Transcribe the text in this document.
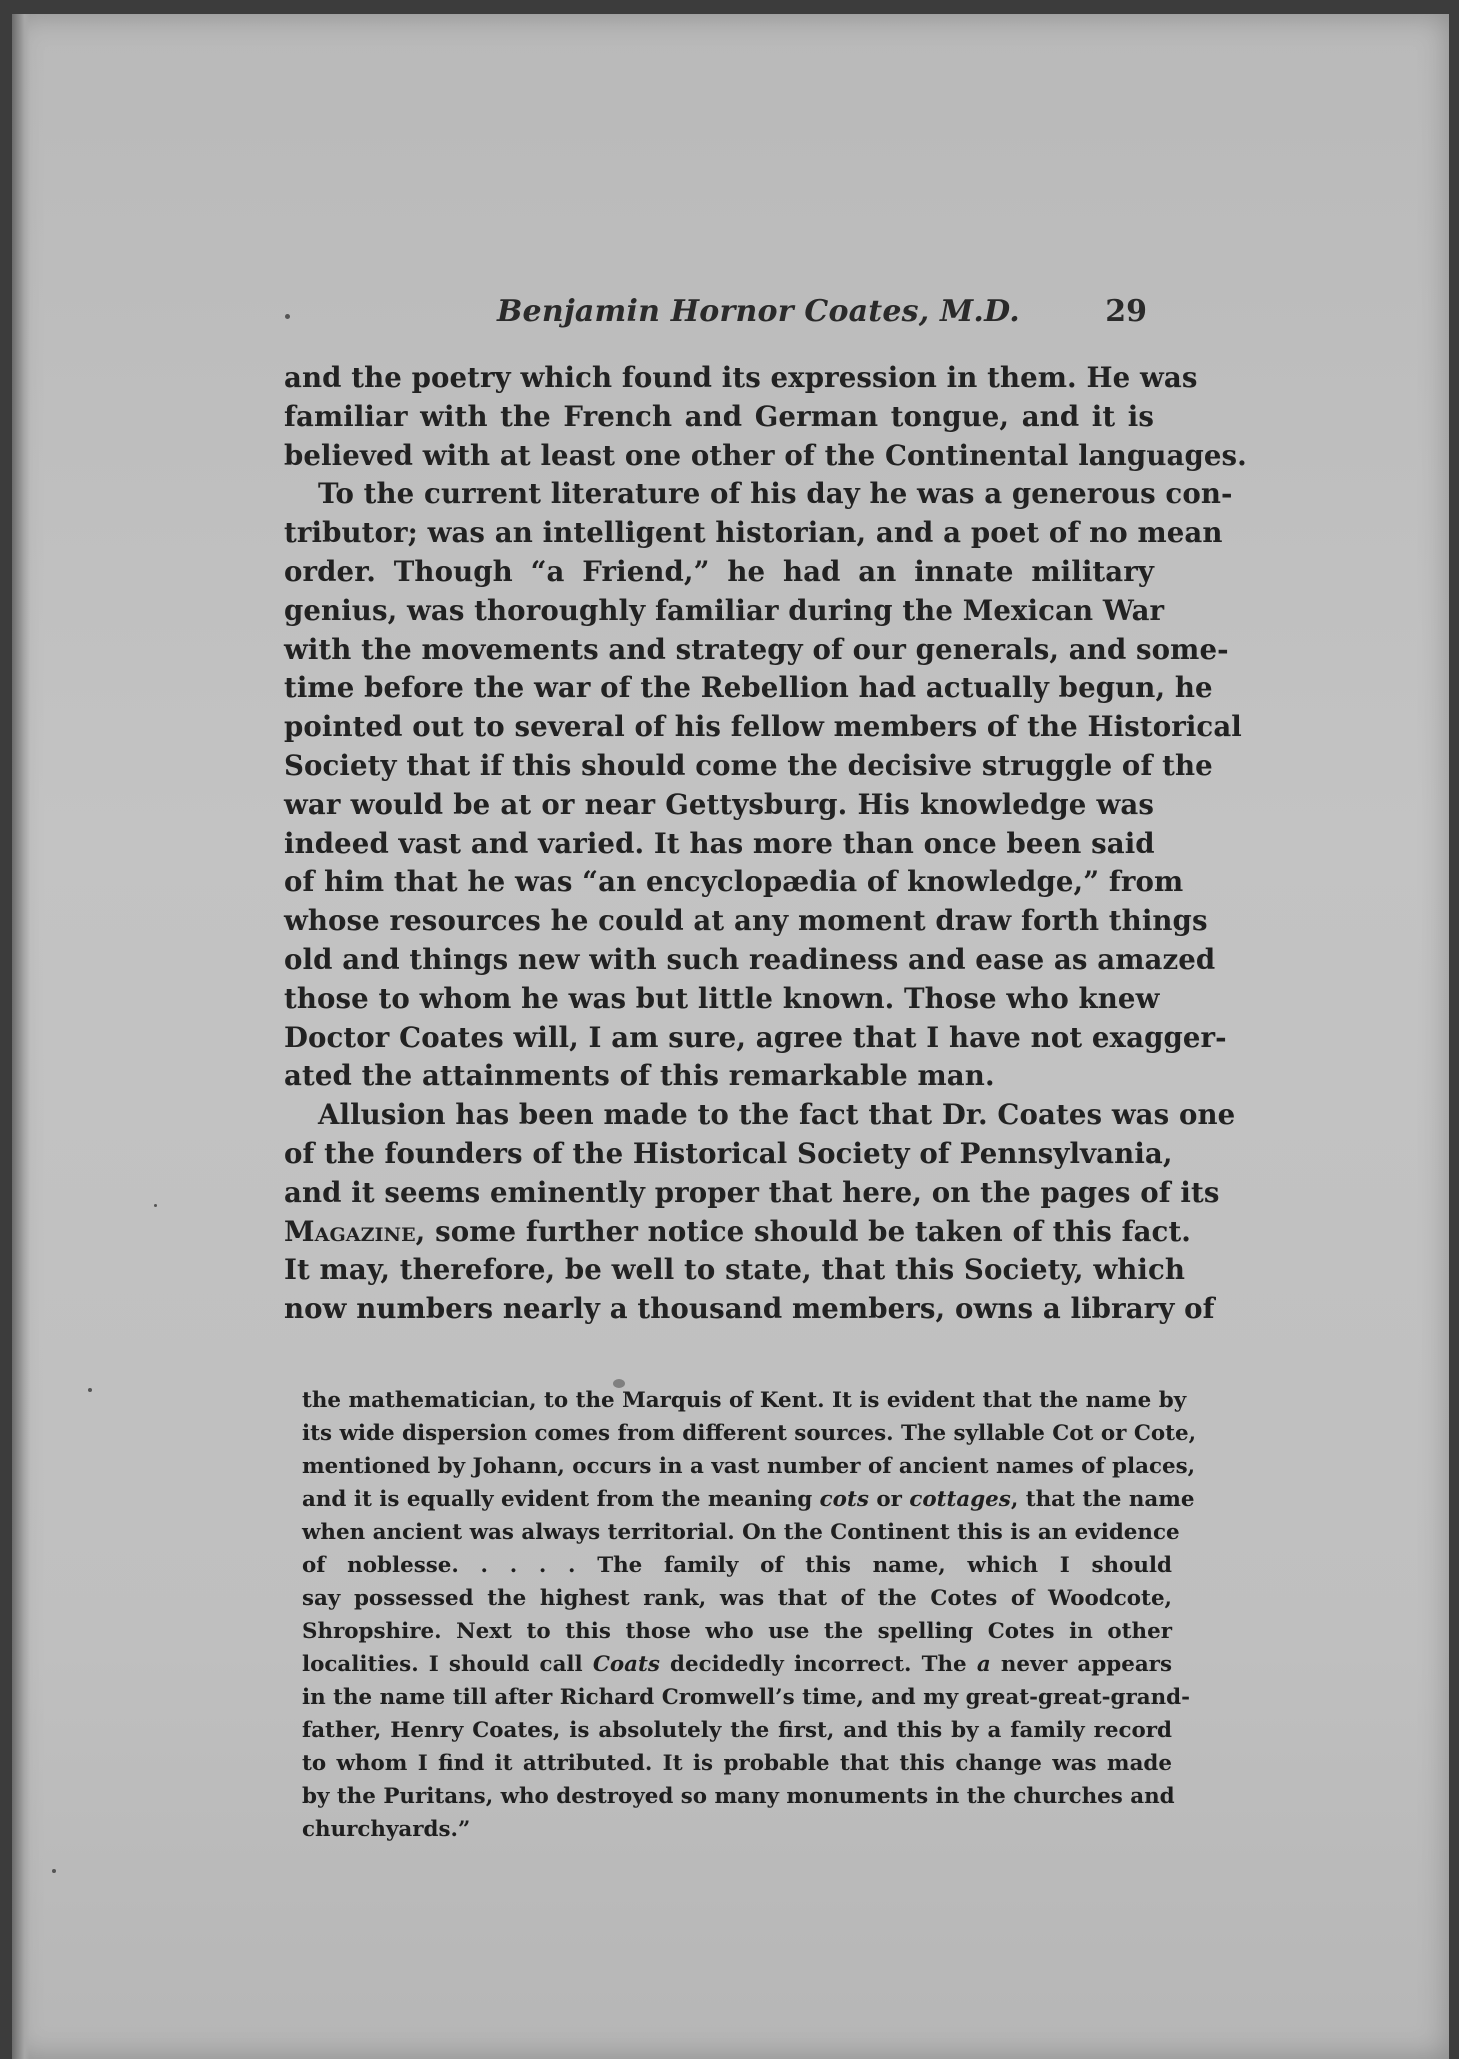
Benjamin Hornor Coates, M.D.	29
and the poetry which found its expression in them. He was
familiar with the French and German tongue, and it is
believed with at least one other of the Continental languages.
To the current literature of his day he was a generous con-
tributor; was an intelligent historian, and a poet of no mean
order. Though “a Friend,” he had an innate military
genius, was thoroughly familiar during the Mexican War
with the movements and strategy of our generals, and some-
time before the war of the Rebellion had actually begun, he
pointed out to several of his fellow members of the Historical
Society that if this should come the decisive struggle of the
war would be at or near Gettysburg. His knowledge was
indeed vast and varied. It has more than once been said
of him that he was “an encyclopædia of knowledge,” from
whose resources he could at any moment draw forth things
old and things new with such readiness and ease as amazed
those to whom he was but little known. Those who knew
Doctor Coates will, I am sure, agree that I have not exagger-
ated the attainments of this remarkable man.
Allusion has been made to the fact that Dr. Coates was one
of the founders of the Historical Society of Pennsylvania,
and it seems eminently proper that here, on the pages of its
Magazine, some further notice should be taken of this fact.
It may, therefore, be well to state, that this Society, which
now numbers nearly a thousand members, owns a library of
the mathematician, to the Marquis of Kent. It is evident that the name by
its wide dispersion comes from different sources. The syllable Cot or Cote,
mentioned by Johann, occurs in a vast number of ancient names of places,
and it is equally evident from the meaning cots or cottages, that the name
when ancient was always territorial. On the Continent this is an evidence
of noblesse. . . . . The family of this name, which I should
say possessed the highest rank, was that of the Cotes of Woodcote,
Shropshire. Next to this those who use the spelling Cotes in other
localities. I should call Coats decidedly incorrect. The a never appears
in the name till after Richard Cromwell’s time, and my great-great-grand-
father, Henry Coates, is absolutely the first, and this by a family record
to whom I find it attributed. It is probable that this change was made
by the Puritans, who destroyed so many monuments in the churches and
churchyards.”
